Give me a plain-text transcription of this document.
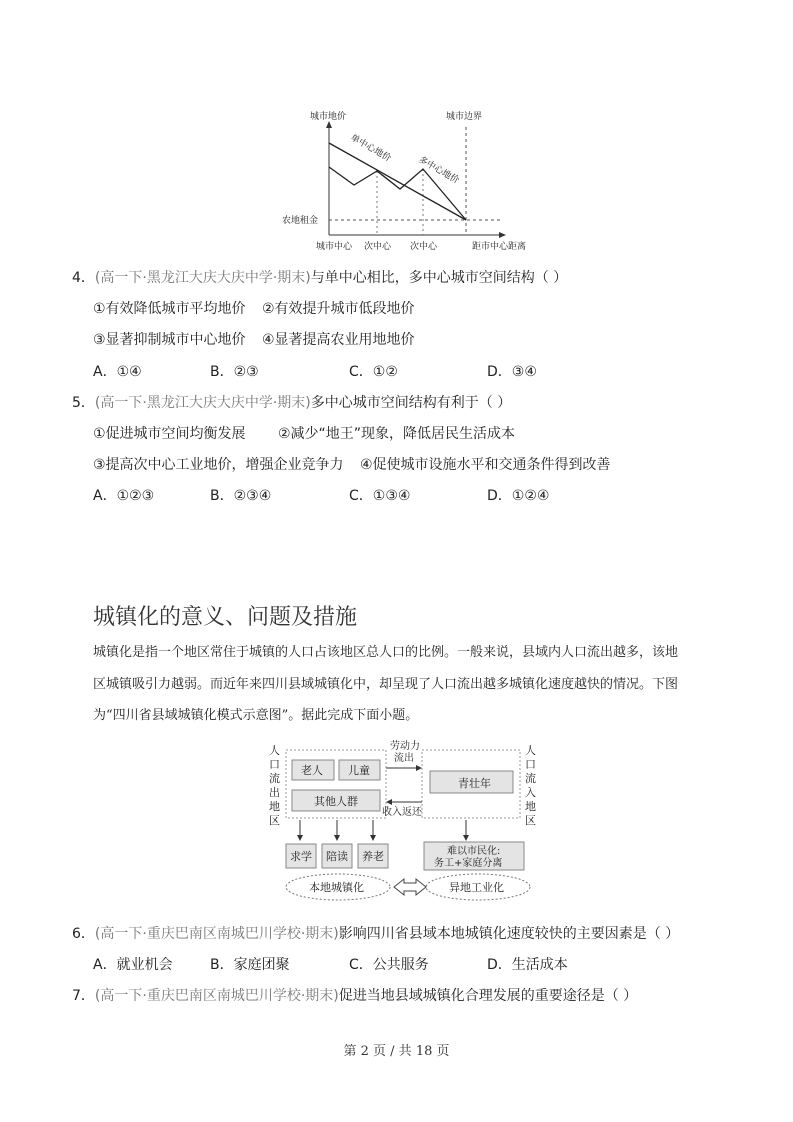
城市地价	城市边界
单中心地价
多中心地价
农地租金
城市中心 次中心 次中心	距市中心距离
4．(高一下·黑龙江大庆大庆中学·期末)与单中心相比，多中心城市空间结构（ ）
①有效降低城市平均地价 ②有效提升城市低段地价
③显著抑制城市中心地价 ④显著提高农业用地地价
A．①④	B．②③	C．①②	D．③④
5．(高一下·黑龙江大庆大庆中学·期末)多中心城市空间结构有利于（ ）
①促进城市空间均衡发展 ②减少“地王”现象，降低居民生活成本
③提高次中心工业地价，增强企业竞争力 ④促使城市设施水平和交通条件得到改善
A．①②③	B．②③④	C．①③④	D．①②④
城镇化的意义、问题及措施
城镇化是指一个地区常住于城镇的人口占该地区总人口的比例。一般来说，县域内人口流出越多，该地
区城镇吸引力越弱。而近年来四川县域城镇化中，却呈现了人口流出越多城镇化速度越快的情况。下图
为“四川省县域城镇化模式示意图”。据此完成下面小题。
人
口
流
出
地
区
人
口
流
入
地
区
老人 儿童
其他人群
青壮年
劳动力
流出
收入返还
求学 陪读 养老	难以市民化:
务工+家庭分离
本地城镇化	异地工业化
6．(高一下·重庆巴南区南城巴川学校·期末)影响四川省县域本地城镇化速度较快的主要因素是（ ）
A．就业机会	B．家庭团聚	C．公共服务	D．生活成本
7．(高一下·重庆巴南区南城巴川学校·期末)促进当地县域城镇化合理发展的重要途径是（ ）
第 2 页 / 共 18 页
